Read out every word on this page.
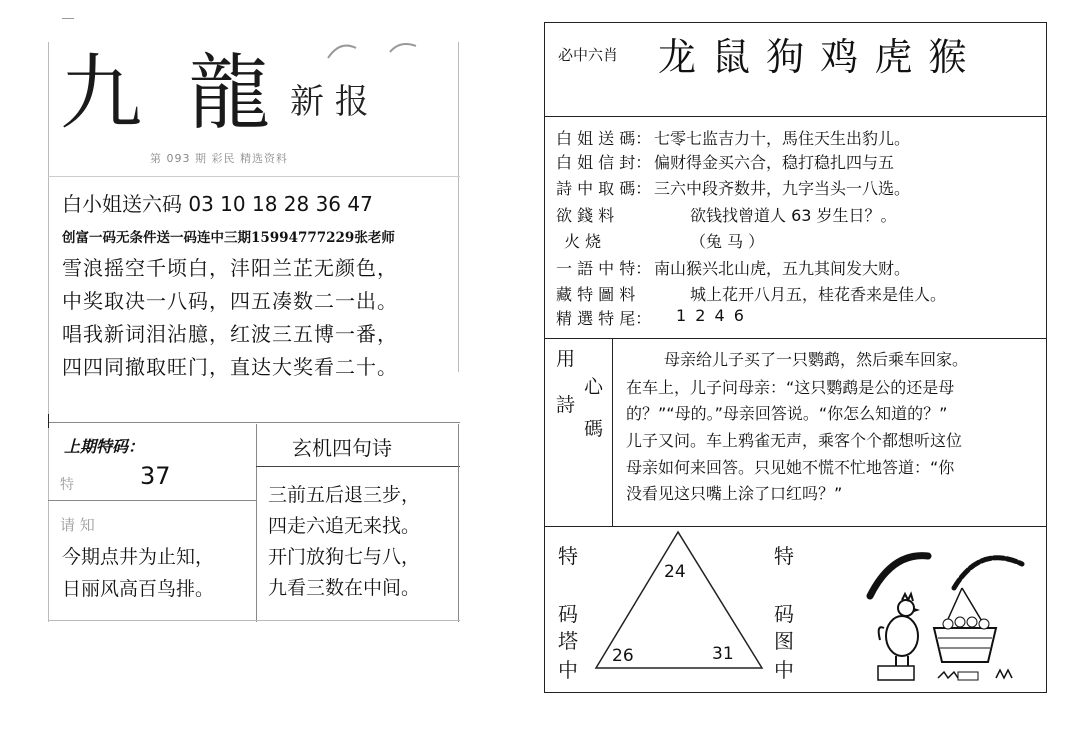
九 龍 新 报
第 093 期 彩民 精选资料
白小姐送六码 03 10 18 28 36 47
创富一码无条件送一码连中三期15994777229张老师
雪浪摇空千顷白，沣阳兰芷无颜色，
中奖取决一八码，四五凑数二一出。
唱我新词泪沾臆，红波三五博一番，
四四同撤取旺门，直达大奖看二十。
上期特码：
特	37
请 知
今期点井为止知，
日丽风高百鸟排。
玄机四句诗
三前五后退三步，
四走六追无来找。
开门放狗七与八，
九看三数在中间。
必中六肖 龙 鼠 狗 鸡 虎 猴
白 姐 送 碼： 七零七监吉力十，馬住天生出豹儿。
白 姐 信 封： 偏财得金买六合，稳打稳扎四与五
詩 中 取 碼： 三六中段齐数井，九字当头一八选。
欲 錢 料	欲钱找曾道人 63 岁生日？。
火 烧	（兔 马 ）
一 語 中 特： 南山猴兴北山虎，五九其间发大财。
藏 特 圖 料	城上花开八月五，桂花香来是佳人。
精 選 特 尾： 1 2 4 6
用
心
詩
碼
母亲给儿子买了一只鹦鹉，然后乘车回家。
在车上，儿子问母亲：“这只鹦鹉是公的还是母
的？”“母的。”母亲回答说。“你怎么知道的？”
儿子又问。车上鸦雀无声，乘客个个都想听这位
母亲如何来回答。只见她不慌不忙地答道：“你
没看见这只嘴上涂了口红吗？”
特
码
塔
中
特
码
图
中
24
26	31
